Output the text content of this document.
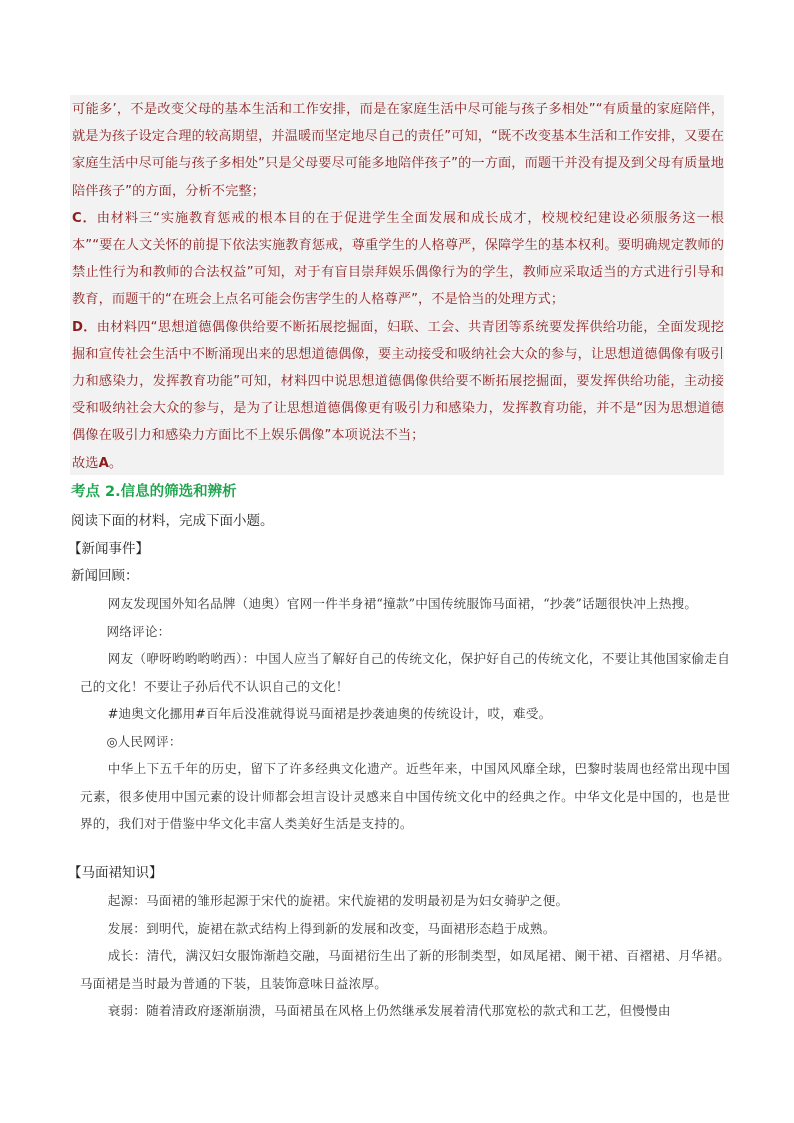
可能多’，不是改变父母的基本生活和工作安排，而是在家庭生活中尽可能与孩子多相处”“有质量的家庭陪伴，就是为孩子设定合理的较高期望，并温暖而坚定地尽自己的责任”可知，“既不改变基本生活和工作安排，又要在家庭生活中尽可能与孩子多相处”只是父母要尽可能多地陪伴孩子”的一方面，而题干并没有提及到父母有质量地陪伴孩子”的方面，分析不完整；

C．由材料三“实施教育惩戒的根本目的在于促进学生全面发展和成长成才，校规校纪建设必须服务这一根本”“要在人文关怀的前提下依法实施教育惩戒，尊重学生的人格尊严，保障学生的基本权利。要明确规定教师的禁止性行为和教师的合法权益”可知，对于有盲目崇拜娱乐偶像行为的学生，教师应采取适当的方式进行引导和教育，而题干的“在班会上点名可能会伤害学生的人格尊严”，不是恰当的处理方式；

D．由材料四“思想道德偶像供给要不断拓展挖掘面，妇联、工会、共青团等系统要发挥供给功能，全面发现挖掘和宣传社会生活中不断涌现出来的思想道德偶像，要主动接受和吸纳社会大众的参与，让思想道德偶像有吸引力和感染力，发挥教育功能”可知，材料四中说思想道德偶像供给要不断拓展挖掘面，要发挥供给功能，主动接受和吸纳社会大众的参与，是为了让思想道德偶像更有吸引力和感染力，发挥教育功能，并不是“因为思想道德偶像在吸引力和感染力方面比不上娱乐偶像”本项说法不当；

故选A。

考点 2.信息的筛选和辨析
阅读下面的材料，完成下面小题。
【新闻事件】
新闻回顾：

网友发现国外知名品牌（迪奥）官网一件半身裙“撞款”中国传统服饰马面裙，“抄袭”话题很快冲上热搜。

网络评论：

网友（咿呀哟哟哟哟西）：中国人应当了解好自己的传统文化，保护好自己的传统文化，不要让其他国家偷走自己的文化！不要让子孙后代不认识自己的文化！

#迪奥文化挪用#百年后没准就得说马面裙是抄袭迪奥的传统设计，哎，难受。

◎人民网评：

中华上下五千年的历史，留下了许多经典文化遗产。近些年来，中国风风靡全球，巴黎时装周也经常出现中国元素，很多使用中国元素的设计师都会坦言设计灵感来自中国传统文化中的经典之作。中华文化是中国的，也是世界的，我们对于借鉴中华文化丰富人类美好生活是支持的。

【马面裙知识】

起源：马面裙的雏形起源于宋代的旋裙。宋代旋裙的发明最初是为妇女骑驴之便。

发展：到明代，旋裙在款式结构上得到新的发展和改变，马面裙形态趋于成熟。

成长：清代，满汉妇女服饰渐趋交融，马面裙衍生出了新的形制类型，如凤尾裙、阑干裙、百褶裙、月华裙。马面裙是当时最为普通的下装，且装饰意味日益浓厚。

衰弱：随着清政府逐渐崩溃，马面裙虽在风格上仍然继承发展着清代那宽松的款式和工艺，但慢慢由
